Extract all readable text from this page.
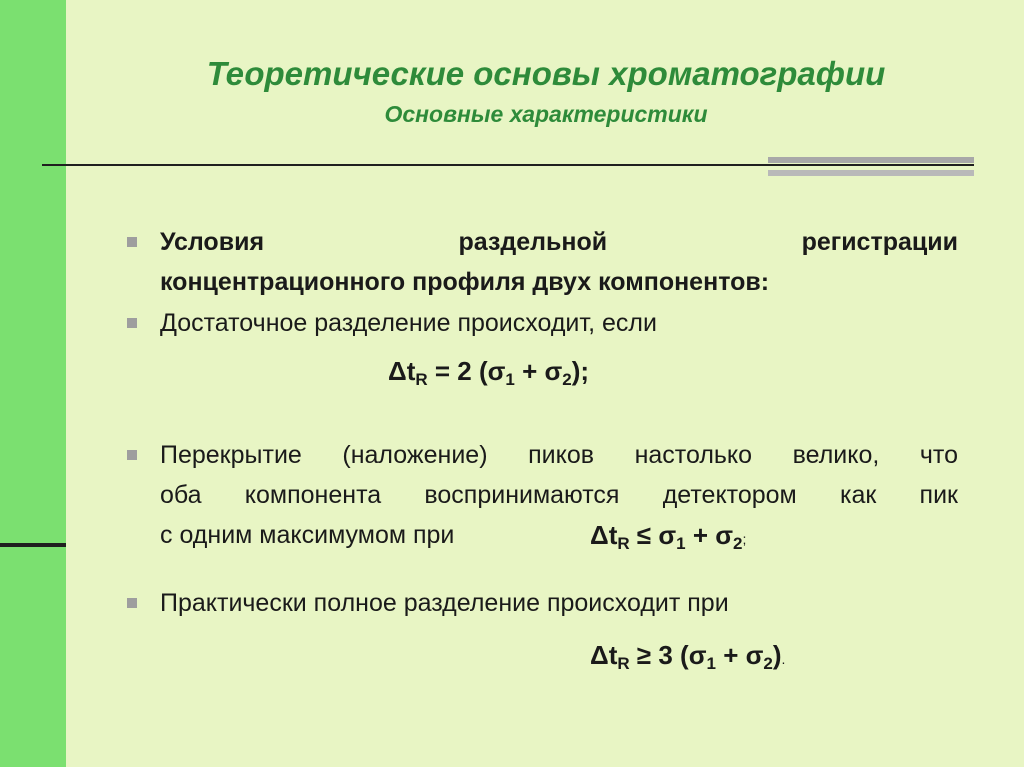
Теоретические основы хроматографии
Основные характеристики
Условия раздельной регистрации
концентрационного профиля двух компонентов:
Достаточное разделение происходит, если
$\Delta t_R = 2$ $(\sigma_1 + \sigma_2)$;
Перекрытие (наложение) пиков настолько велико, что
оба компонента воспринимаются детектором как пик
с одним максимумом при	$\Delta t_R \le \sigma_1 + \sigma_2$;
Практически полное разделение происходит при
$\Delta t_R \ge 3$ $(\sigma_1 + \sigma_2)$.
